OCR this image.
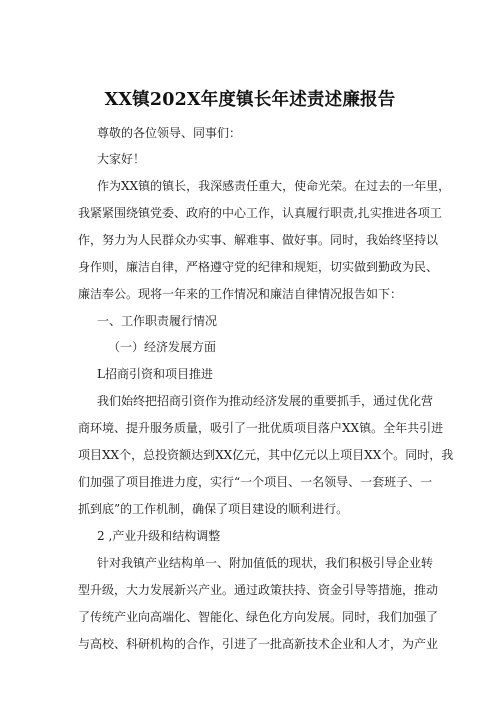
XX镇202X年度镇长年述责述廉报告
尊敬的各位领导、同事们：
大家好！
作为XX镇的镇长，我深感责任重大，使命光荣。在过去的一年里，
我紧紧围绕镇党委、政府的中心工作，认真履行职责,扎实推进各项工
作，努力为人民群众办实事、解难事、做好事。同时，我始终坚持以
身作则，廉洁自律，严格遵守党的纪律和规矩，切实做到勤政为民、
廉洁奉公。现将一年来的工作情况和廉洁自律情况报告如下：
一、工作职责履行情况
（一）经济发展方面
L招商引资和项目推进
我们始终把招商引资作为推动经济发展的重要抓手，通过优化营
商环境、提升服务质量，吸引了一批优质项目落户XX镇。全年共引进
项目XX个，总投资额达到XX亿元，其中亿元以上项目XX个。同时，我
们加强了项目推进力度，实行“一个项目、一名领导、一套班子、一
抓到底”的工作机制，确保了项目建设的顺利进行。
2 ,产业升级和结构调整
针对我镇产业结构单一、附加值低的现状，我们积极引导企业转
型升级，大力发展新兴产业。通过政策扶持、资金引导等措施，推动
了传统产业向高端化、智能化、绿色化方向发展。同时，我们加强了
与高校、科研机构的合作，引进了一批高新技术企业和人才，为产业
